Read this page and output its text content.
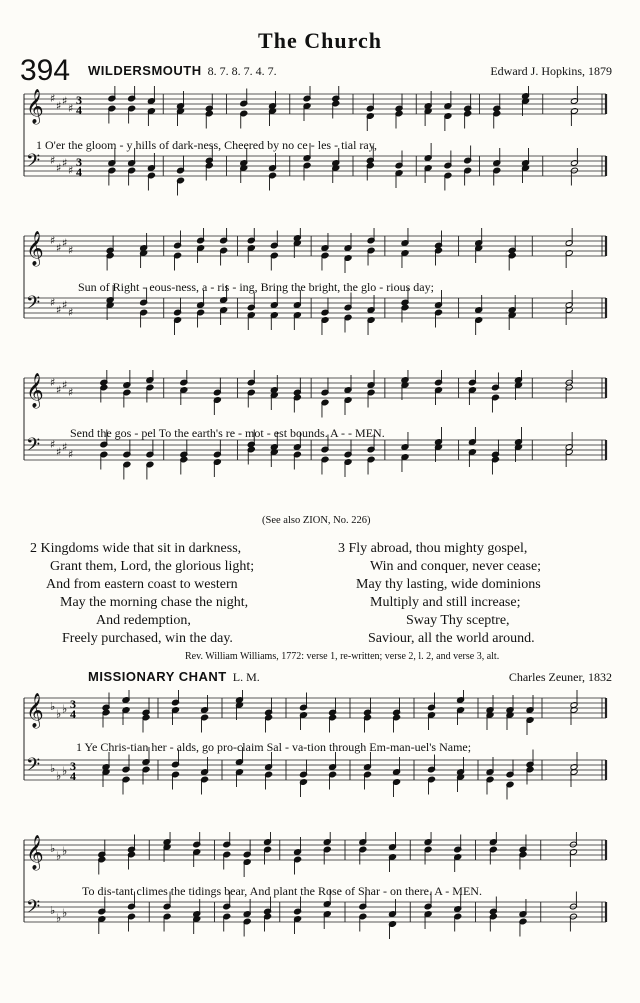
The Church
394 WILDERSMOUTH 8. 7. 8. 7. 4. 7.	Edward J. Hopkins, 1879
𝄞 ♯
♯ ♯
♯
3
4
𝄢 ♯
♯ ♯
♯
3
4
1 O'er the gloom - y hills of dark-ness, Cheered by no ce - les - tial ray,
𝄞 ♯
♯ ♯
♯
𝄢 ♯
♯ ♯
♯
Sun of Right - eous-ness, a - ris - ing, Bring the bright, the glo - rious day;
𝄞 ♯
♯ ♯
♯
𝄢 ♯
♯ ♯
♯
Send the gos - pel To the earth's re - mot - est bounds. A - - MEN.
(See also ZION, No. 226)
2 Kingdoms wide that sit in darkness,
Grant them, Lord, the glorious light;
And from eastern coast to western
May the morning chase the night,
And redemption,
Freely purchased, win the day.
3 Fly abroad, thou mighty gospel,
Win and conquer, never cease;
May thy lasting, wide dominions
Multiply and still increase;
Sway Thy sceptre,
Saviour, all the world around.
Rev. William Williams, 1772: verse 1, re-written; verse 2, l. 2, and verse 3, alt.
MISSIONARY CHANT L. M.	Charles Zeuner, 1832
𝄞 ♭
♭ ♭ 3
4
𝄢 ♭
♭ ♭ 3
4
1 Ye Chris-tian her - alds, go pro-claim Sal - va-tion through Em-man-uel's Name;
𝄞 ♭
♭ ♭
𝄢 ♭
♭ ♭
To dis-tant climes the tidings bear, And plant the Rose of Shar - on there. A - MEN.
